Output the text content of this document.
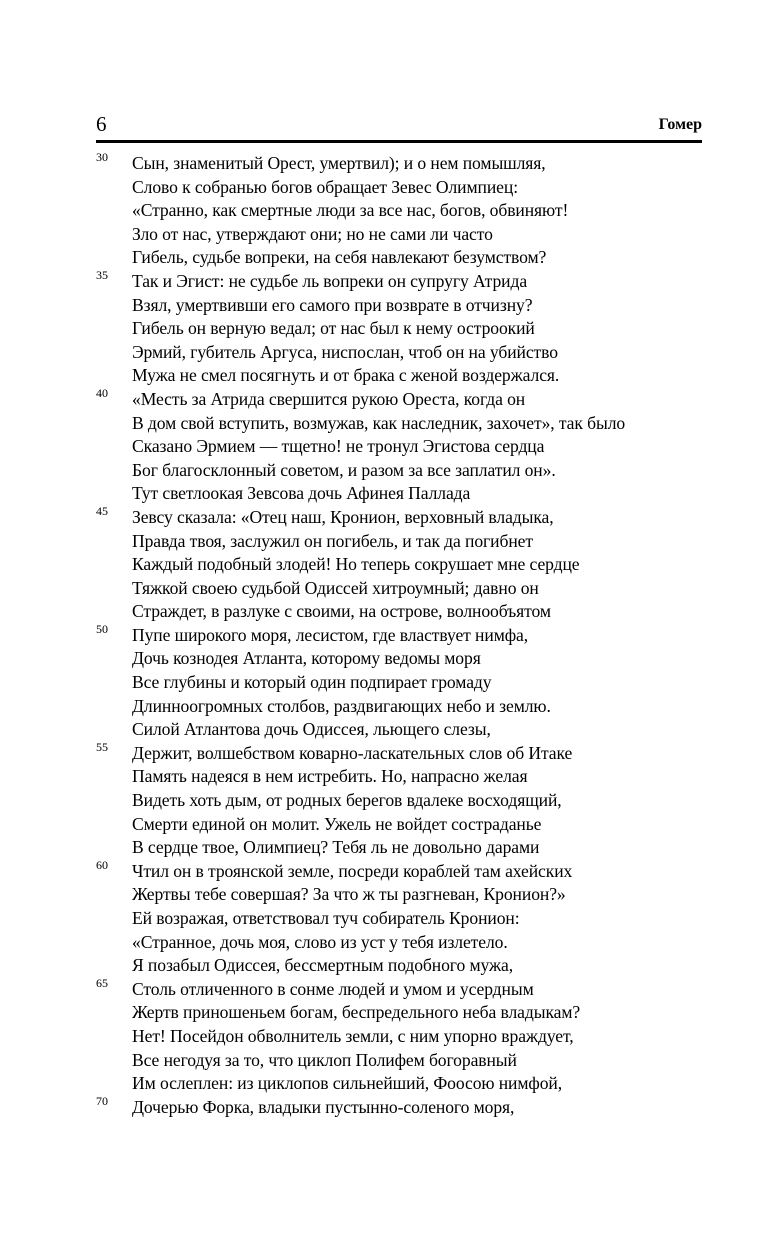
6	Гомер
30 Сын, знаменитый Орест, умертвил); и о нем помышляя,
Слово к собранью богов обращает Зевес Олимпиец:
«Странно, как смертные люди за все нас, богов, обвиняют!
Зло от нас, утверждают они; но не сами ли часто
Гибель, судьбе вопреки, на себя навлекают безумством?
35 Так и Эгист: не судьбе ль вопреки он супругу Атрида
Взял, умертвивши его самого при возврате в отчизну?
Гибель он верную ведал; от нас был к нему остроокий
Эрмий, губитель Аргуса, ниспослан, чтоб он на убийство
Мужа не смел посягнуть и от брака с женой воздержался.
40 «Месть за Атрида свершится рукою Ореста, когда он
В дом свой вступить, возмужав, как наследник, захочет», так было
Сказано Эрмием — тщетно! не тронул Эгистова сердца
Бог благосклонный советом, и разом за все заплатил он».
Тут светлоокая Зевсова дочь Афинея Паллада
45 Зевсу сказала: «Отец наш, Кронион, верховный владыка,
Правда твоя, заслужил он погибель, и так да погибнет
Каждый подобный злодей! Но теперь сокрушает мне сердце
Тяжкой своею судьбой Одиссей хитроумный; давно он
Страждет, в разлуке с своими, на острове, волнообъятом
50 Пупе широкого моря, лесистом, где властвует нимфа,
Дочь кознодея Атланта, которому ведомы моря
Все глубины и который один подпирает громаду
Длинноогромных столбов, раздвигающих небо и землю.
Силой Атлантова дочь Одиссея, льющего слезы,
55 Держит, волшебством коварно-ласкательных слов об Итаке
Память надеяся в нем истребить. Но, напрасно желая
Видеть хоть дым, от родных берегов вдалеке восходящий,
Смерти единой он молит. Ужель не войдет состраданье
В сердце твое, Олимпиец? Тебя ль не довольно дарами
60 Чтил он в троянской земле, посреди кораблей там ахейских
Жертвы тебе совершая? За что ж ты разгневан, Кронион?»
Ей возражая, ответствовал туч собиратель Кронион:
«Странное, дочь моя, слово из уст у тебя излетело.
Я позабыл Одиссея, бессмертным подобного мужа,
65 Столь отличенного в сонме людей и умом и усердным
Жертв приношеньем богам, беспредельного неба владыкам?
Нет! Посейдон обволнитель земли, с ним упорно враждует,
Все негодуя за то, что циклоп Полифем богоравный
Им ослеплен: из циклопов сильнейший, Фоосою нимфой,
70 Дочерью Форка, владыки пустынно-соленого моря,
